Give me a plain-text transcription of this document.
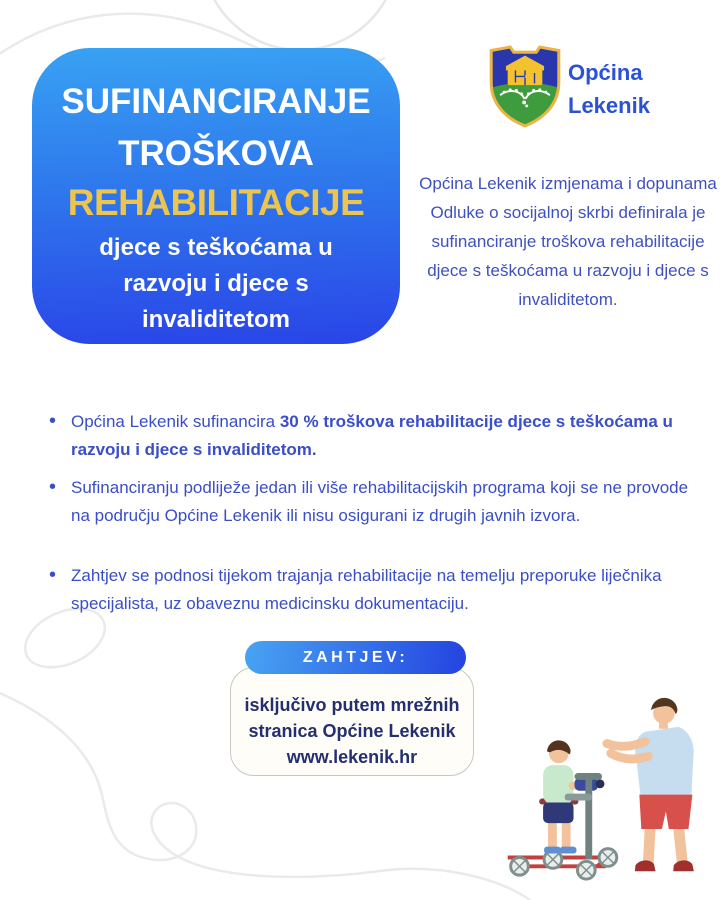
SUFINANCIRANJE
TROŠKOVA
REHABILITACIJE
djece s teškoćama u razvoju i djece s invaliditetom
Općina
Lekenik

Općina Lekenik izmjenama i dopunama Odluke o socijalnoj skrbi definirala je sufinanciranje troškova rehabilitacije djece s teškoćama u razvoju i djece s invaliditetom.

• Općina Lekenik sufinancira 30 % troškova rehabilitacije djece s teškoćama u razvoju i djece s invaliditetom.
• Sufinanciranju podliježe jedan ili više rehabilitacijskih programa koji se ne provode na području Općine Lekenik ili nisu osigurani iz drugih javnih izvora.
• Zahtjev se podnosi tijekom trajanja rehabilitacije na temelju preporuke liječnika specijalista, uz obaveznu medicinsku dokumentaciju.
ZAHTJEV:
isključivo putem mrežnih
stranica Općine Lekenik
www.lekenik.hr
